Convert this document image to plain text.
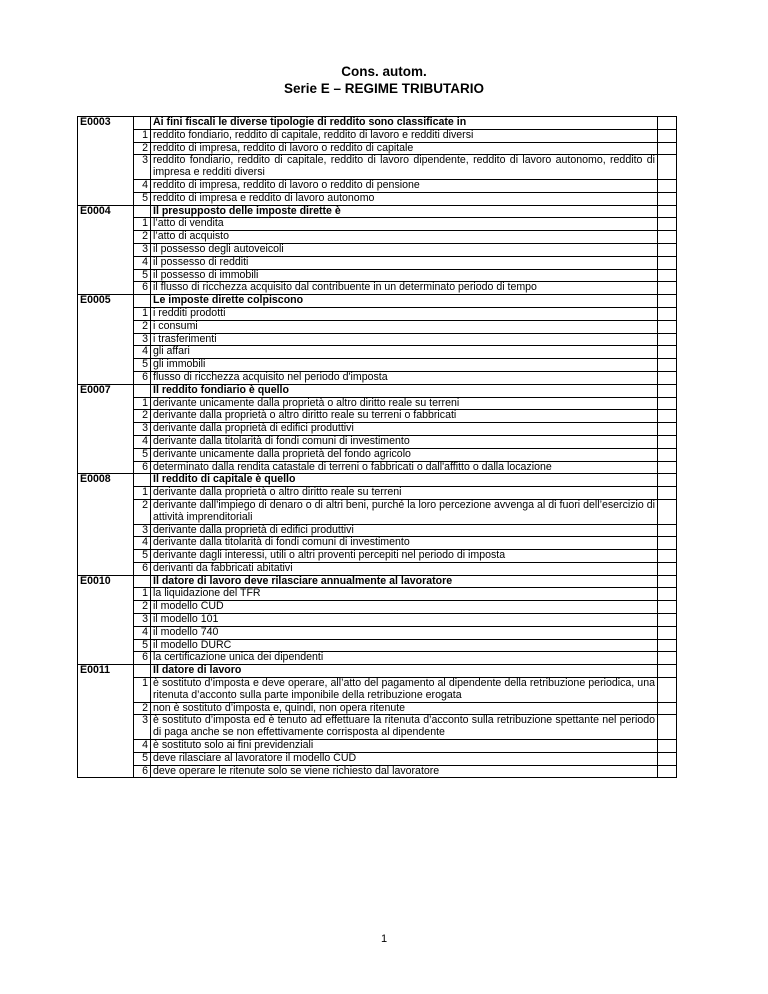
Cons. autom.
Serie E – REGIME TRIBUTARIO
E0003		Ai fini fiscali le diverse tipologie di reddito sono classificate in	
	1	reddito fondiario, reddito di capitale, reddito di lavoro e redditi diversi	
	2	reddito di impresa, reddito di lavoro o reddito di capitale	
	3	reddito fondiario, reddito di capitale, reddito di lavoro dipendente, reddito di lavoro autonomo, reddito di impresa e redditi diversi	
	4	reddito di impresa, reddito di lavoro o reddito di pensione	
	5	reddito di impresa e reddito di lavoro autonomo	
E0004		Il presupposto delle imposte dirette è	
	1	l’atto di vendita	
	2	l’atto di acquisto	
	3	il possesso degli autoveicoli	
	4	il possesso di redditi	
	5	il possesso di immobili	
	6	il flusso di ricchezza acquisito dal contribuente in un determinato periodo di tempo	
E0005		Le imposte dirette colpiscono	
	1	i redditi prodotti	
	2	i consumi	
	3	i trasferimenti	
	4	gli affari	
	5	gli immobili	
	6	flusso di ricchezza acquisito nel periodo d'imposta	
E0007		Il reddito fondiario è quello	
	1	derivante unicamente dalla proprietà o altro diritto reale su terreni	
	2	derivante dalla proprietà o altro diritto reale su terreni o fabbricati	
	3	derivante dalla proprietà di edifici produttivi	
	4	derivante dalla titolarità di fondi comuni di investimento	
	5	derivante unicamente dalla proprietà del fondo agricolo	
	6	determinato dalla rendita catastale di terreni o fabbricati o dall'affitto o dalla locazione	
E0008		Il reddito di capitale è quello	
	1	derivante dalla proprietà o altro diritto reale su terreni	
	2	derivante dall’impiego di denaro o di altri beni, purché la loro percezione avvenga al di fuori dell’esercizio di attività imprenditoriali	
	3	derivante dalla proprietà di edifici produttivi	
	4	derivante dalla titolarità di fondi comuni di investimento	
	5	derivante dagli interessi, utili o altri proventi percepiti nel periodo di imposta	
	6	derivanti da fabbricati abitativi	
E0010		Il datore di lavoro deve rilasciare annualmente al lavoratore	
	1	la liquidazione del TFR	
	2	il modello CUD	
	3	il modello 101	
	4	il modello 740	
	5	il modello DURC	
	6	la certificazione unica dei dipendenti	
E0011		Il datore di lavoro	
	1	è sostituto d’imposta e deve operare, all’atto del pagamento al dipendente della retribuzione periodica, una ritenuta d’acconto sulla parte imponibile della retribuzione erogata	
	2	non è sostituto d’imposta e, quindi, non opera ritenute	
	3	è sostituto d’imposta ed è tenuto ad effettuare la ritenuta d’acconto sulla retribuzione spettante nel periodo di paga anche se non effettivamente corrisposta al dipendente	
	4	è sostituto solo ai fini previdenziali	
	5	deve rilasciare al lavoratore il modello CUD	
	6	deve operare le ritenute solo se viene richiesto dal lavoratore	
1
